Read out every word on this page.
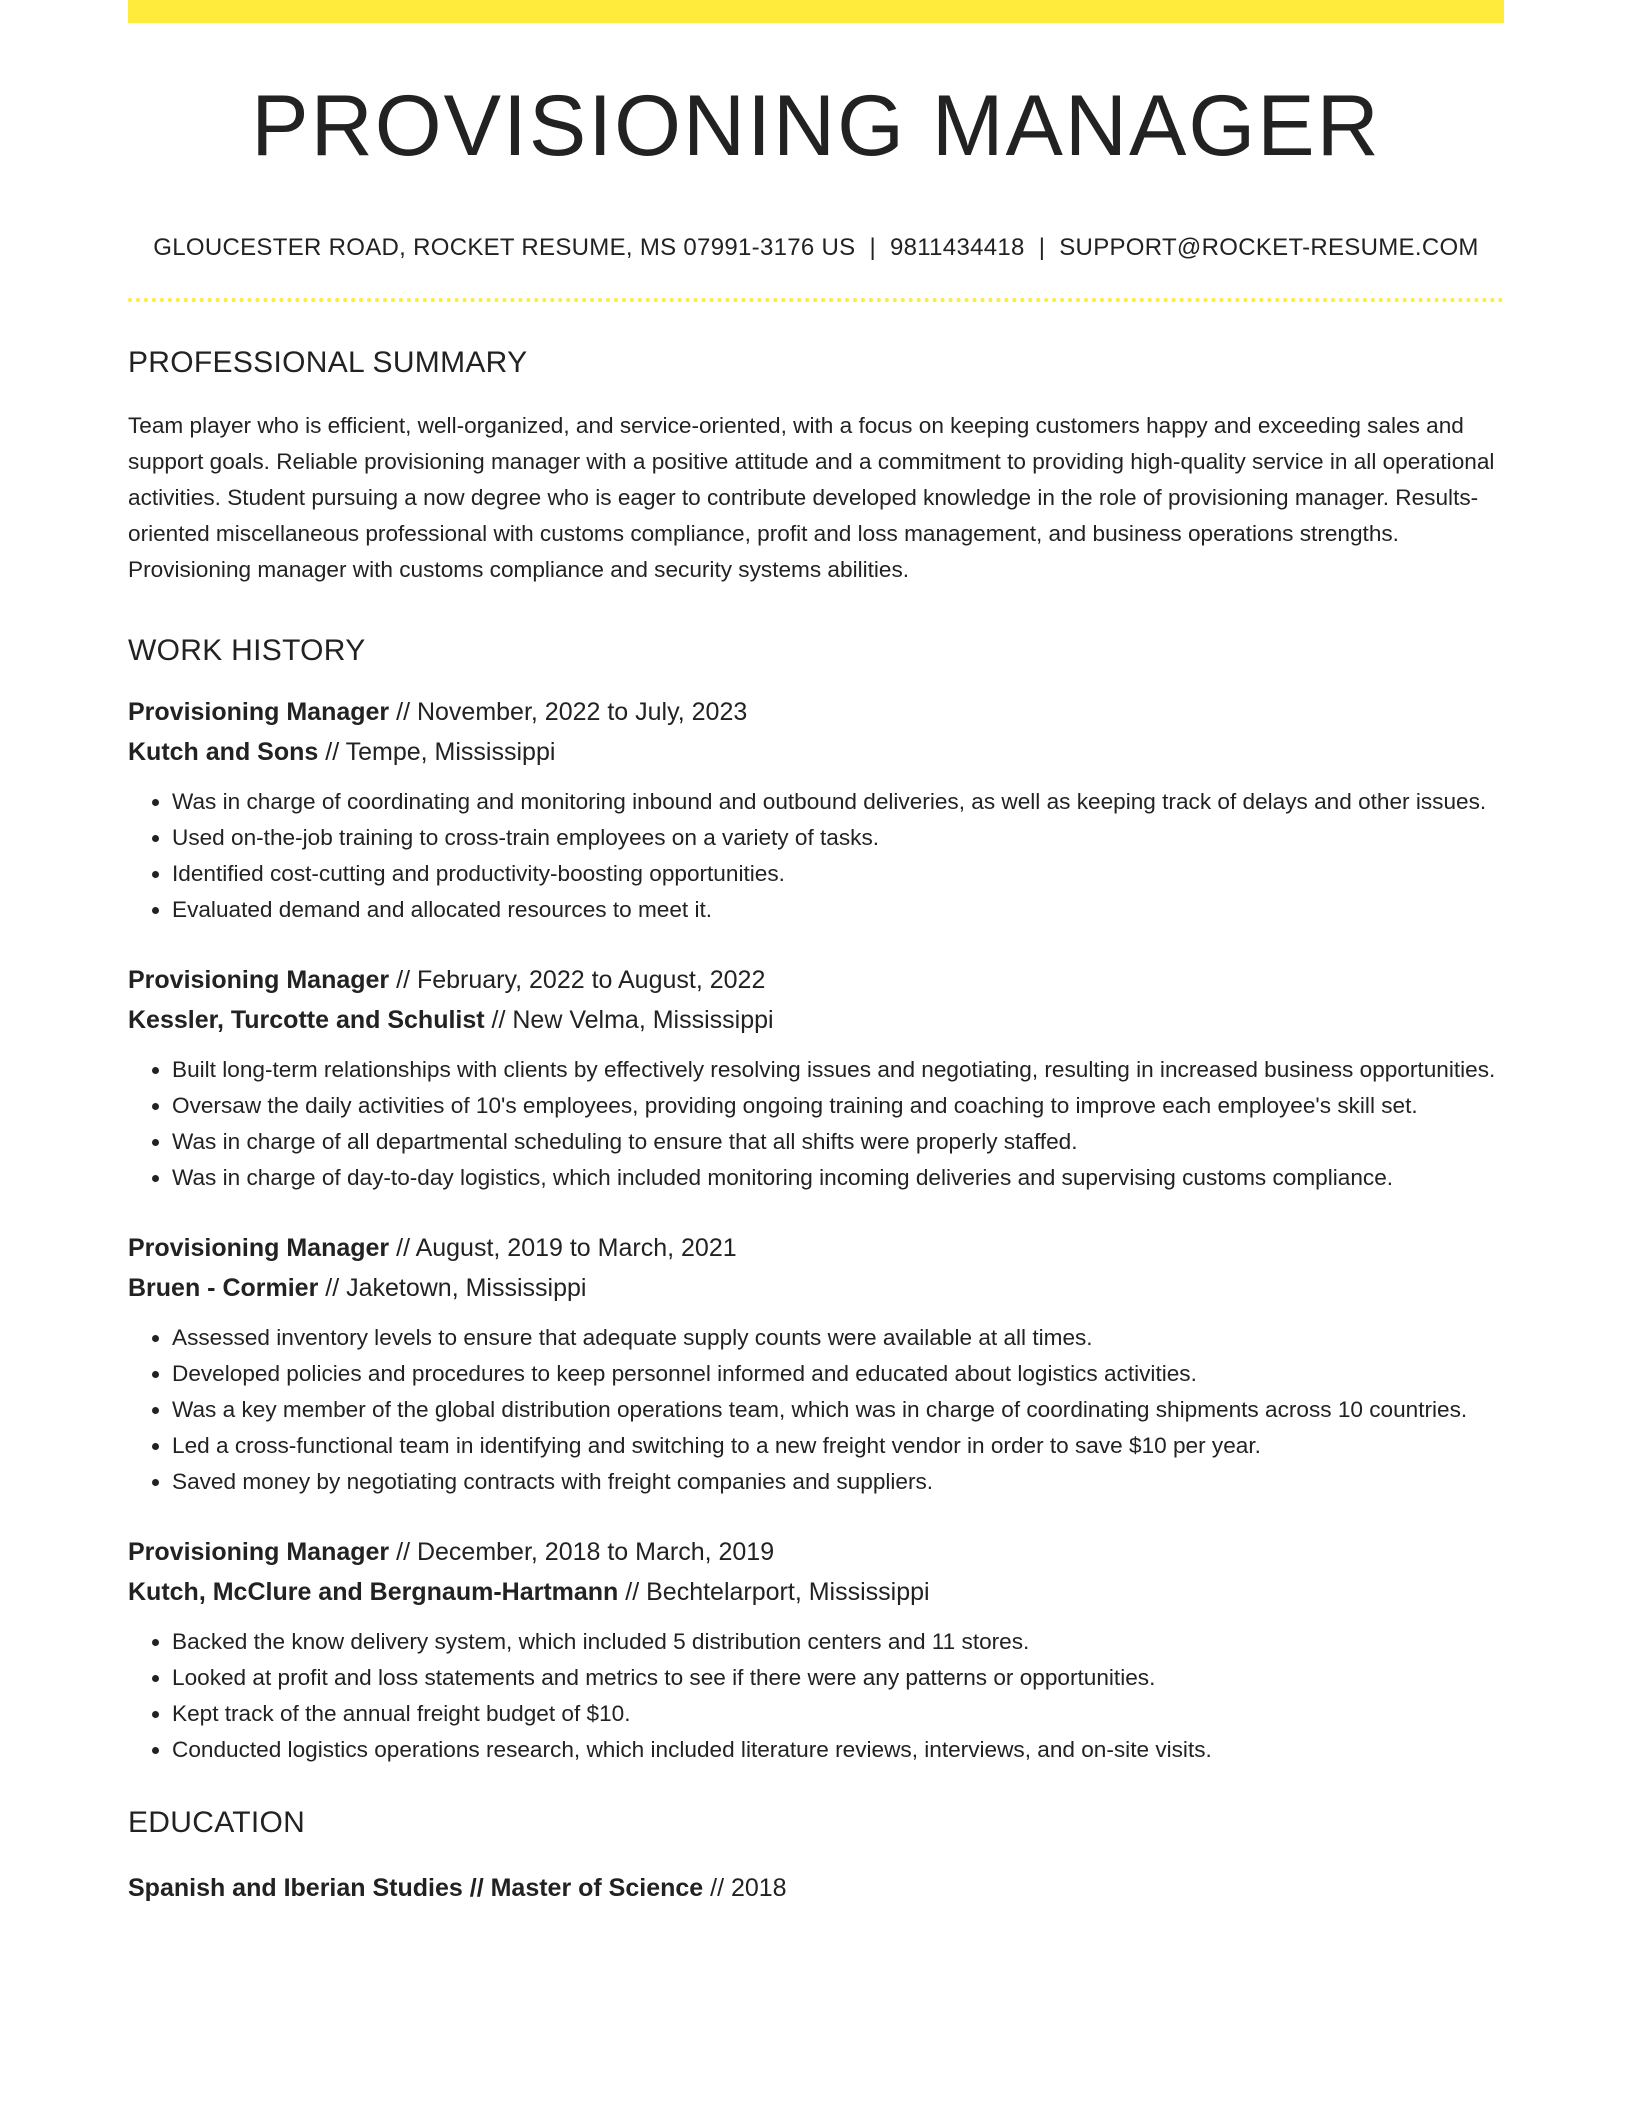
PROVISIONING MANAGER
GLOUCESTER ROAD, ROCKET RESUME, MS 07991-3176 US | 9811434418 | SUPPORT@ROCKET-RESUME.COM
PROFESSIONAL SUMMARY
Team player who is efficient, well-organized, and service-oriented, with a focus on keeping customers happy and exceeding sales and support goals. Reliable provisioning manager with a positive attitude and a commitment to providing high-quality service in all operational activities. Student pursuing a now degree who is eager to contribute developed knowledge in the role of provisioning manager. Results-oriented miscellaneous professional with customs compliance, profit and loss management, and business operations strengths. Provisioning manager with customs compliance and security systems abilities.
WORK HISTORY
Provisioning Manager // November, 2022 to July, 2023
Kutch and Sons // Tempe, Mississippi
• Was in charge of coordinating and monitoring inbound and outbound deliveries, as well as keeping track of delays and other issues.
• Used on-the-job training to cross-train employees on a variety of tasks.
• Identified cost-cutting and productivity-boosting opportunities.
• Evaluated demand and allocated resources to meet it.
Provisioning Manager // February, 2022 to August, 2022
Kessler, Turcotte and Schulist // New Velma, Mississippi
• Built long-term relationships with clients by effectively resolving issues and negotiating, resulting in increased business opportunities.
• Oversaw the daily activities of 10's employees, providing ongoing training and coaching to improve each employee's skill set.
• Was in charge of all departmental scheduling to ensure that all shifts were properly staffed.
• Was in charge of day-to-day logistics, which included monitoring incoming deliveries and supervising customs compliance.
Provisioning Manager // August, 2019 to March, 2021
Bruen - Cormier // Jaketown, Mississippi
• Assessed inventory levels to ensure that adequate supply counts were available at all times.
• Developed policies and procedures to keep personnel informed and educated about logistics activities.
• Was a key member of the global distribution operations team, which was in charge of coordinating shipments across 10 countries.
• Led a cross-functional team in identifying and switching to a new freight vendor in order to save $10 per year.
• Saved money by negotiating contracts with freight companies and suppliers.
Provisioning Manager // December, 2018 to March, 2019
Kutch, McClure and Bergnaum-Hartmann // Bechtelarport, Mississippi
• Backed the know delivery system, which included 5 distribution centers and 11 stores.
• Looked at profit and loss statements and metrics to see if there were any patterns or opportunities.
• Kept track of the annual freight budget of $10.
• Conducted logistics operations research, which included literature reviews, interviews, and on-site visits.
EDUCATION
Spanish and Iberian Studies // Master of Science // 2018
